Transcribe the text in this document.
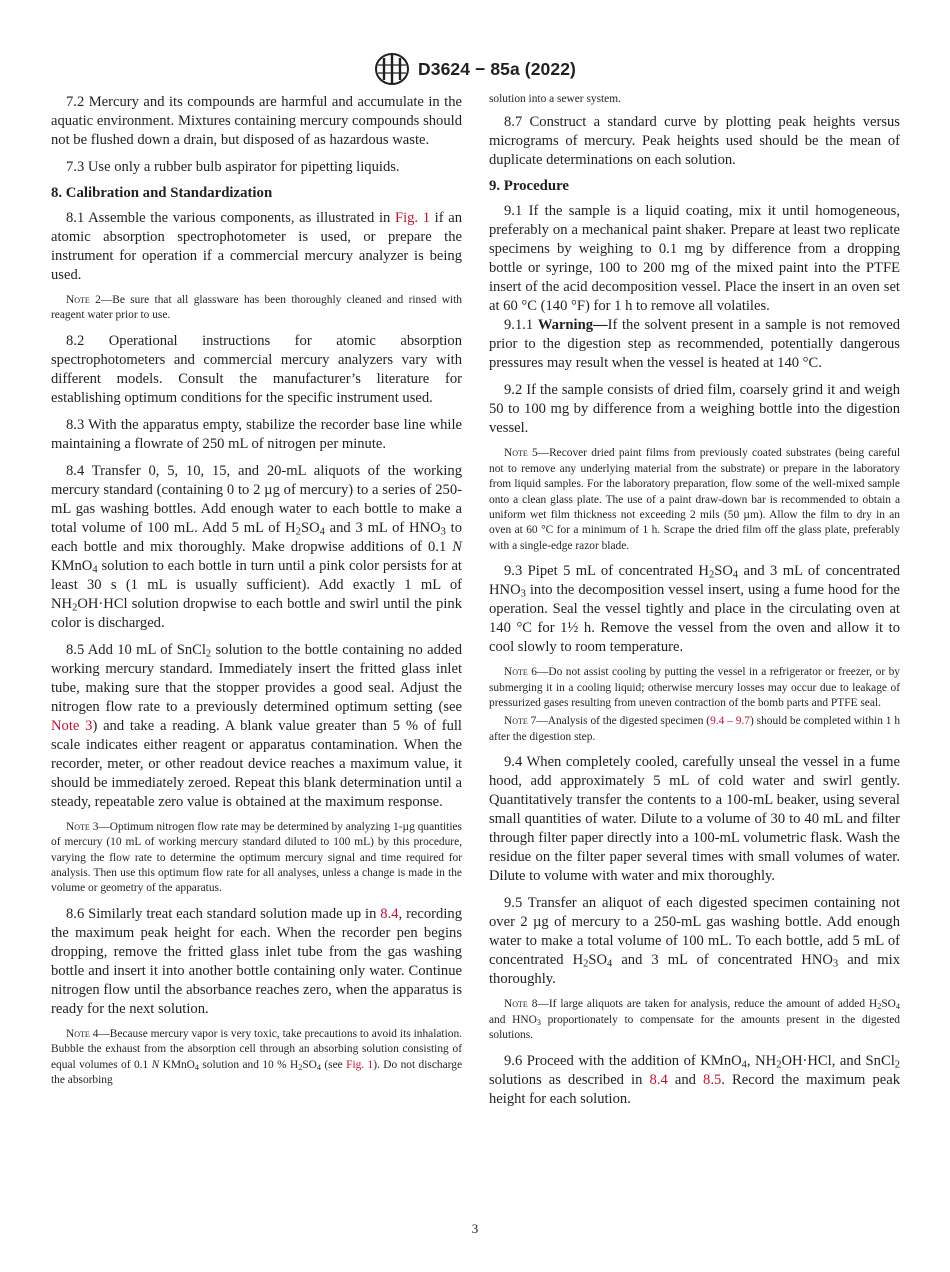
D3624 − 85a (2022)

7.2 Mercury and its compounds are harmful and accumulate in the aquatic environment. Mixtures containing mercury compounds should not be flushed down a drain, but disposed of as hazardous waste.

7.3 Use only a rubber bulb aspirator for pipetting liquids.

8. Calibration and Standardization

8.1 Assemble the various components, as illustrated in Fig. 1 if an atomic absorption spectrophotometer is used, or prepare the instrument for operation if a commercial mercury analyzer is being used.

Note 2—Be sure that all glassware has been thoroughly cleaned and rinsed with reagent water prior to use.

8.2 Operational instructions for atomic absorption spectrophotometers and commercial mercury analyzers vary with different models. Consult the manufacturer’s literature for establishing optimum conditions for the specific instrument used.

8.3 With the apparatus empty, stabilize the recorder base line while maintaining a flowrate of 250 mL of nitrogen per minute.

8.4 Transfer 0, 5, 10, 15, and 20-mL aliquots of the working mercury standard (containing 0 to 2 µg of mercury) to a series of 250-mL gas washing bottles. Add enough water to each bottle to make a total volume of 100 mL. Add 5 mL of $H_2SO_4$ and 3 mL of $HNO_3$ to each bottle and mix thoroughly. Make dropwise additions of 0.1 N KMnO$_4$ solution to each bottle in turn until a pink color persists for at least 30 s (1 mL is usually sufficient). Add exactly 1 mL of $NH_2OH\cdot HCl$ solution dropwise to each bottle and swirl until the pink color is discharged.

8.5 Add 10 mL of SnCl$_2$ solution to the bottle containing no added working mercury standard. Immediately insert the fritted glass inlet tube, making sure that the stopper provides a good seal. Adjust the nitrogen flow rate to a previously determined optimum setting (see Note 3) and take a reading. A blank value greater than 5 % of full scale indicates either reagent or apparatus contamination. When the recorder, meter, or other readout device reaches a maximum value, it should be immediately zeroed. Repeat this blank determination until a steady, repeatable zero value is obtained at the maximum response.

Note 3—Optimum nitrogen flow rate may be determined by analyzing 1-µg quantities of mercury (10 mL of working mercury standard diluted to 100 mL) by this procedure, varying the flow rate to determine the optimum mercury signal and time required for analysis. Then use this optimum flow rate for all analyses, unless a change is made in the volume or geometry of the apparatus.

8.6 Similarly treat each standard solution made up in 8.4, recording the maximum peak height for each. When the recorder pen begins dropping, remove the fritted glass inlet tube from the gas washing bottle and insert it into another bottle containing only water. Continue nitrogen flow until the absorbance reaches zero, when the apparatus is ready for the next solution.

Note 4—Because mercury vapor is very toxic, take precautions to avoid its inhalation. Bubble the exhaust from the absorption cell through an absorbing solution consisting of equal volumes of 0.1 N KMnO$_4$ solution and 10 % $H_2SO_4$ (see Fig. 1). Do not discharge the absorbing

solution into a sewer system.

8.7 Construct a standard curve by plotting peak heights versus micrograms of mercury. Peak heights used should be the mean of duplicate determinations on each solution.

9. Procedure

9.1 If the sample is a liquid coating, mix it until homogeneous, preferably on a mechanical paint shaker. Prepare at least two replicate specimens by weighing to 0.1 mg by difference from a dropping bottle or syringe, 100 to 200 mg of the mixed paint into the PTFE insert of the acid decomposition vessel. Place the insert in an oven set at 60 °C (140 °F) for 1 h to remove all volatiles.

9.1.1 Warning—If the solvent present in a sample is not removed prior to the digestion step as recommended, potentially dangerous pressures may result when the vessel is heated at 140 °C.

9.2 If the sample consists of dried film, coarsely grind it and weigh 50 to 100 mg by difference from a weighing bottle into the digestion vessel.

Note 5—Recover dried paint films from previously coated substrates (being careful not to remove any underlying material from the substrate) or prepare in the laboratory from liquid samples. For the laboratory preparation, flow some of the well-mixed sample onto a clean glass plate. The use of a paint draw-down bar is recommended to obtain a uniform wet film thickness not exceeding 2 mils (50 µm). Allow the film to dry in an oven at 60 °C for a minimum of 1 h. Scrape the dried film off the glass plate, preferably with a single-edge razor blade.

9.3 Pipet 5 mL of concentrated $H_2SO_4$ and 3 mL of concentrated $HNO_3$ into the decomposition vessel insert, using a fume hood for the operation. Seal the vessel tightly and place in the circulating oven at 140 °C for 1½ h. Remove the vessel from the oven and allow it to cool slowly to room temperature.

Note 6—Do not assist cooling by putting the vessel in a refrigerator or freezer, or by submerging it in a cooling liquid; otherwise mercury losses may occur due to leakage of pressurized gases resulting from uneven contraction of the bomb parts and PTFE seal.

Note 7—Analysis of the digested specimen (9.4 – 9.7) should be completed within 1 h after the digestion step.

9.4 When completely cooled, carefully unseal the vessel in a fume hood, add approximately 5 mL of cold water and swirl gently. Quantitatively transfer the contents to a 100-mL beaker, using several small quantities of water. Dilute to a volume of 30 to 40 mL and filter through filter paper directly into a 100-mL volumetric flask. Wash the residue on the filter paper several times with small volumes of water. Dilute to volume with water and mix thoroughly.

9.5 Transfer an aliquot of each digested specimen containing not over 2 µg of mercury to a 250-mL gas washing bottle. Add enough water to make a total volume of 100 mL. To each bottle, add 5 mL of concentrated $H_2SO_4$ and 3 mL of concentrated $HNO_3$ and mix thoroughly.

Note 8—If large aliquots are taken for analysis, reduce the amount of added $H_2SO_4$ and $HNO_3$ proportionately to compensate for the amounts present in the digested solutions.

9.6 Proceed with the addition of KMnO$_4$, $NH_2OH\cdot HCl$, and SnCl$_2$ solutions as described in 8.4 and 8.5. Record the maximum peak height for each solution.

3
